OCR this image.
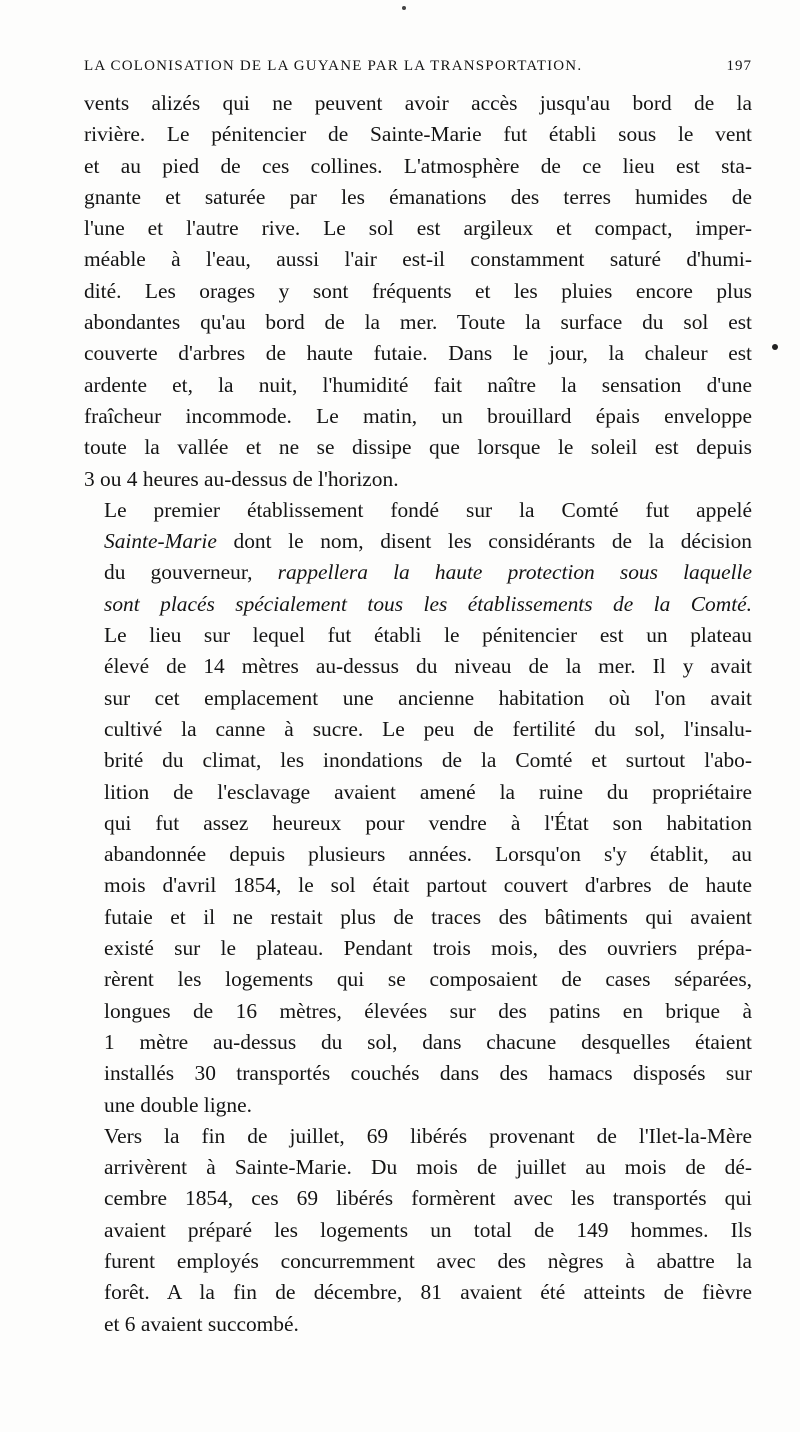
LA COLONISATION DE LA GUYANE PAR LA TRANSPORTATION.	197

vents alizés qui ne peuvent avoir accès jusqu'au bord de la
rivière. Le pénitencier de Sainte-Marie fut établi sous le vent
et au pied de ces collines. L'atmosphère de ce lieu est sta-
gnante et saturée par les émanations des terres humides de
l'une et l'autre rive. Le sol est argileux et compact, imper-
méable à l'eau, aussi l'air est-il constamment saturé d'humi-
dité. Les orages y sont fréquents et les pluies encore plus
abondantes qu'au bord de la mer. Toute la surface du sol est
couverte d'arbres de haute futaie. Dans le jour, la chaleur est
ardente et, la nuit, l'humidité fait naître la sensation d'une
fraîcheur incommode. Le matin, un brouillard épais enveloppe
toute la vallée et ne se dissipe que lorsque le soleil est depuis
3 ou 4 heures au-dessus de l'horizon.

Le premier établissement fondé sur la Comté fut appelé
Sainte-Marie dont le nom, disent les considérants de la décision
du gouverneur, rappellera la haute protection sous laquelle
sont placés spécialement tous les établissements de la Comté.
Le lieu sur lequel fut établi le pénitencier est un plateau
élevé de 14 mètres au-dessus du niveau de la mer. Il y avait
sur cet emplacement une ancienne habitation où l'on avait
cultivé la canne à sucre. Le peu de fertilité du sol, l'insalu-
brité du climat, les inondations de la Comté et surtout l'abo-
lition de l'esclavage avaient amené la ruine du propriétaire
qui fut assez heureux pour vendre à l'État son habitation
abandonnée depuis plusieurs années. Lorsqu'on s'y établit, au
mois d'avril 1854, le sol était partout couvert d'arbres de haute
futaie et il ne restait plus de traces des bâtiments qui avaient
existé sur le plateau. Pendant trois mois, des ouvriers prépa-
rèrent les logements qui se composaient de cases séparées,
longues de 16 mètres, élevées sur des patins en brique à
1 mètre au-dessus du sol, dans chacune desquelles étaient
installés 30 transportés couchés dans des hamacs disposés sur
une double ligne.

Vers la fin de juillet, 69 libérés provenant de l'Ilet-la-Mère
arrivèrent à Sainte-Marie. Du mois de juillet au mois de dé-
cembre 1854, ces 69 libérés formèrent avec les transportés qui
avaient préparé les logements un total de 149 hommes. Ils
furent employés concurremment avec des nègres à abattre la
forêt. A la fin de décembre, 81 avaient été atteints de fièvre
et 6 avaient succombé.
